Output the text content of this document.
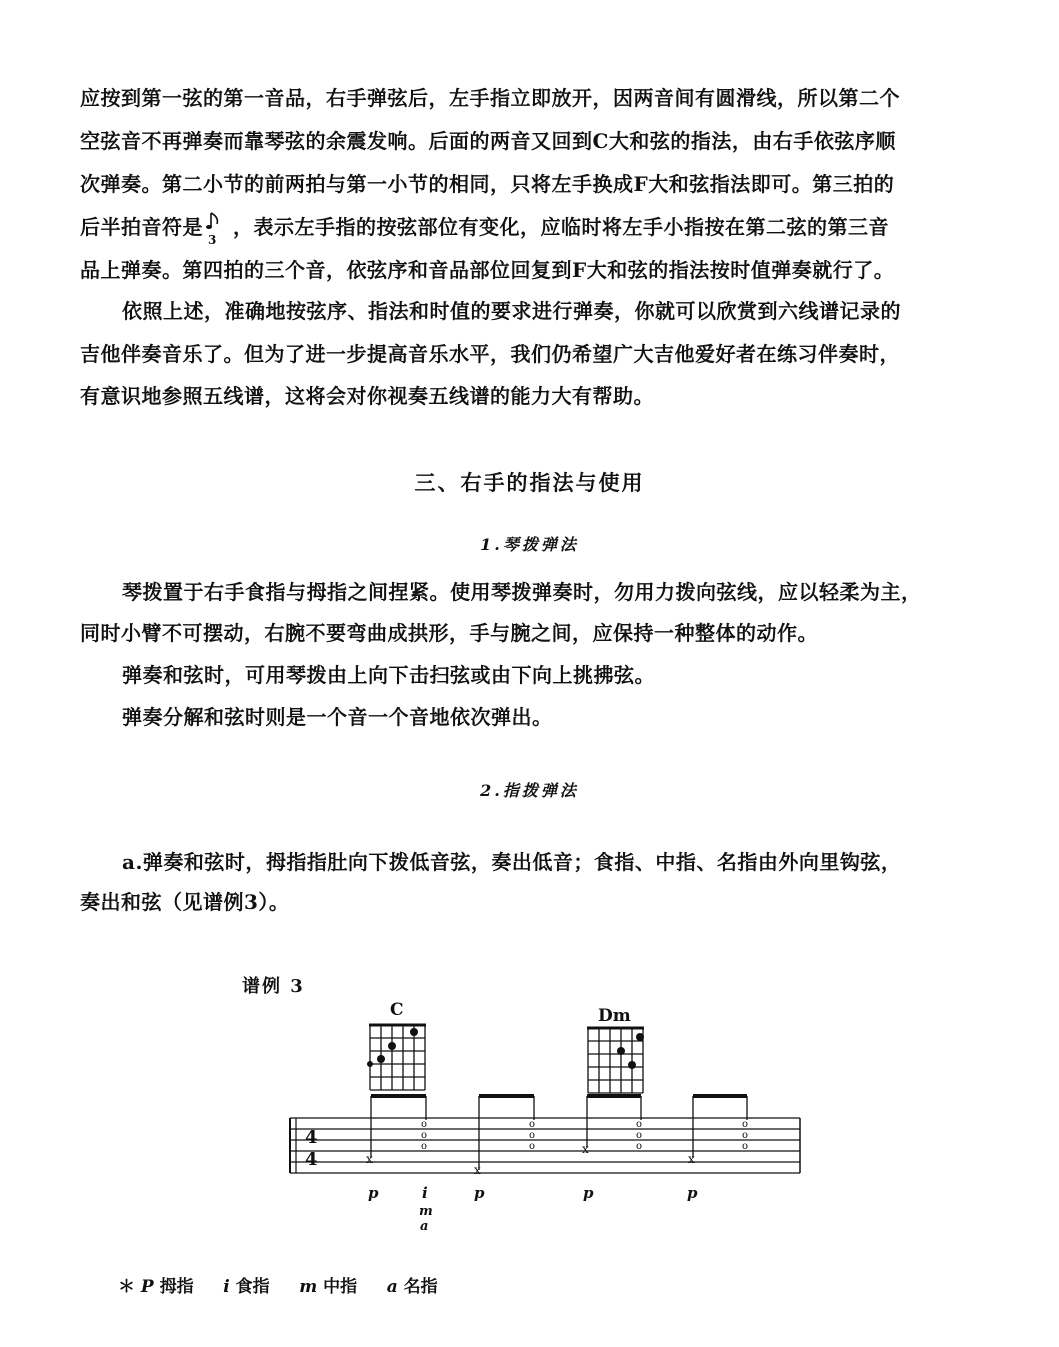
应按到第一弦的第一音品，右手弹弦后，左手指立即放开，因两音间有圆滑线，所以第二个
空弦音不再弹奏而靠琴弦的余震发响。后面的两音又回到C大和弦的指法，由右手依弦序顺
次弹奏。第二小节的前两拍与第一小节的相同，只将左手换成F大和弦指法即可。第三拍的
后半拍音符是
3
，表示左手指的按弦部位有变化，应临时将左手小指按在第二弦的第三音
品上弹奏。第四拍的三个音，依弦序和音品部位回复到F大和弦的指法按时值弹奏就行了。
依照上述，准确地按弦序、指法和时值的要求进行弹奏，你就可以欣赏到六线谱记录的
吉他伴奏音乐了。但为了进一步提高音乐水平，我们仍希望广大吉他爱好者在练习伴奏时，
有意识地参照五线谱，这将会对你视奏五线谱的能力大有帮助。
三、右手的指法与使用
1.琴拨弹法
琴拨置于右手食指与拇指之间捏紧。使用琴拨弹奏时，勿用力拨向弦线，应以轻柔为主，
同时小臂不可摆动，右腕不要弯曲成拱形，手与腕之间，应保持一种整体的动作。
弹奏和弦时，可用琴拨由上向下击扫弦或由下向上挑拂弦。
弹奏分解和弦时则是一个音一个音地依次弹出。
2.指拨弹法
a.弹奏和弦时，拇指指肚向下拨低音弦，奏出低音；食指、中指、名指由外向里钩弦，
奏出和弦（见谱例3）。
谱例 3
C	Dm
4
4	x
o
o
o
x
o
o
o	x
o
o
o
x
o
o
o
p	i
m
a
p	p	p
＊ P 拇指 i 食指 m 中指 a 名指
